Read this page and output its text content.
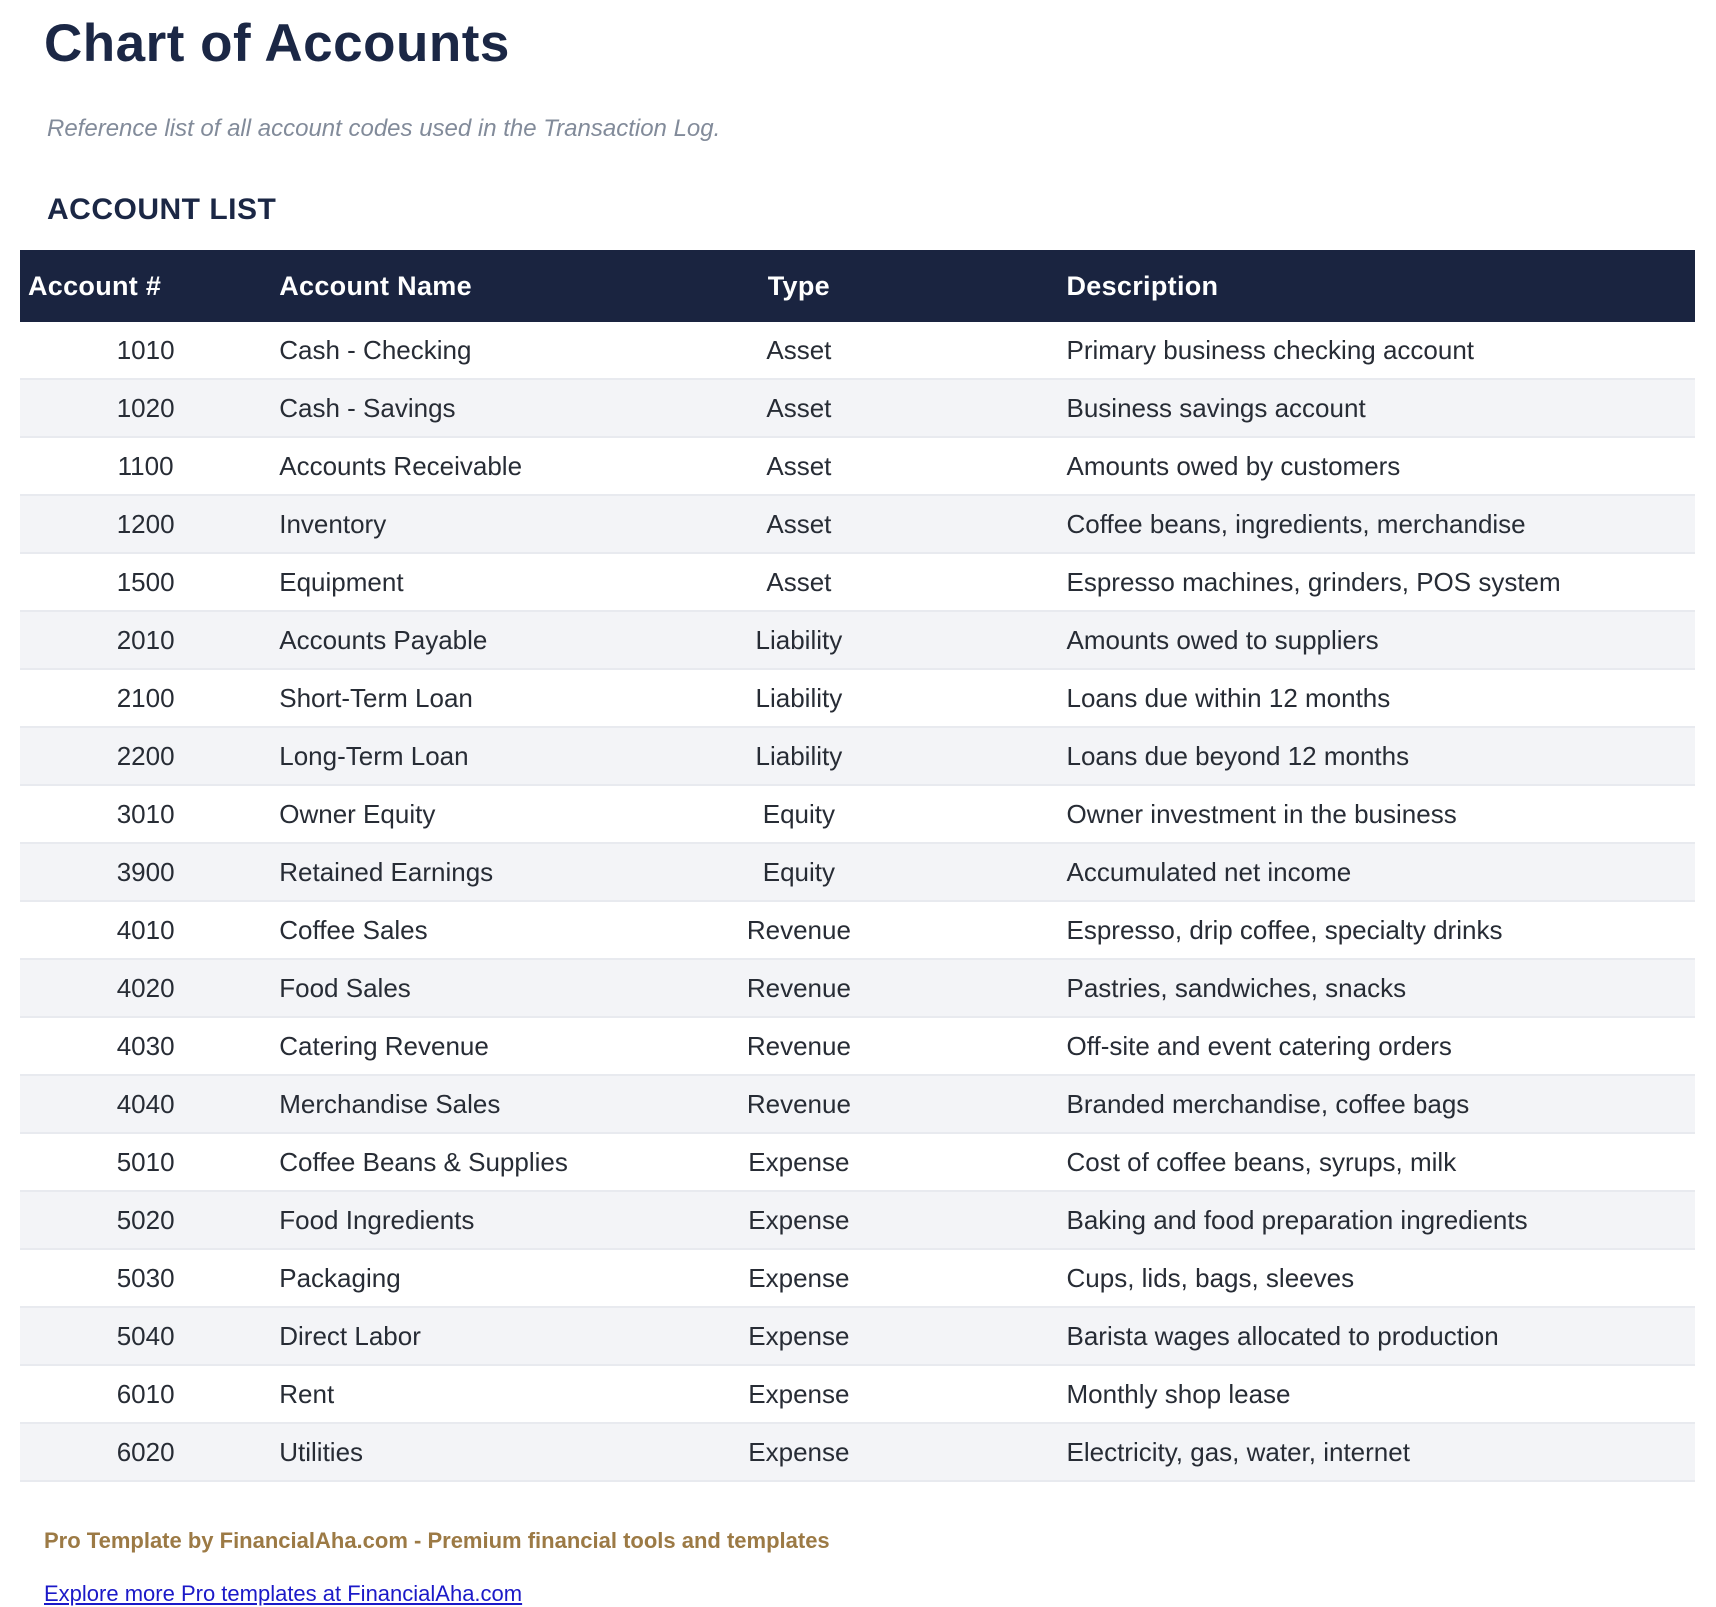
Chart of Accounts

Reference list of all account codes used in the Transaction Log.

ACCOUNT LIST
Account #	Account Name	Type	Description
1010	Cash - Checking	Asset	Primary business checking account
1020	Cash - Savings	Asset	Business savings account
1100	Accounts Receivable	Asset	Amounts owed by customers
1200	Inventory	Asset	Coffee beans, ingredients, merchandise
1500	Equipment	Asset	Espresso machines, grinders, POS system
2010	Accounts Payable	Liability	Amounts owed to suppliers
2100	Short-Term Loan	Liability	Loans due within 12 months
2200	Long-Term Loan	Liability	Loans due beyond 12 months
3010	Owner Equity	Equity	Owner investment in the business
3900	Retained Earnings	Equity	Accumulated net income
4010	Coffee Sales	Revenue	Espresso, drip coffee, specialty drinks
4020	Food Sales	Revenue	Pastries, sandwiches, snacks
4030	Catering Revenue	Revenue	Off-site and event catering orders
4040	Merchandise Sales	Revenue	Branded merchandise, coffee bags
5010	Coffee Beans & Supplies	Expense	Cost of coffee beans, syrups, milk
5020	Food Ingredients	Expense	Baking and food preparation ingredients
5030	Packaging	Expense	Cups, lids, bags, sleeves
5040	Direct Labor	Expense	Barista wages allocated to production
6010	Rent	Expense	Monthly shop lease
6020	Utilities	Expense	Electricity, gas, water, internet

Pro Template by FinancialAha.com - Premium financial tools and templates

Explore more Pro templates at FinancialAha.com
